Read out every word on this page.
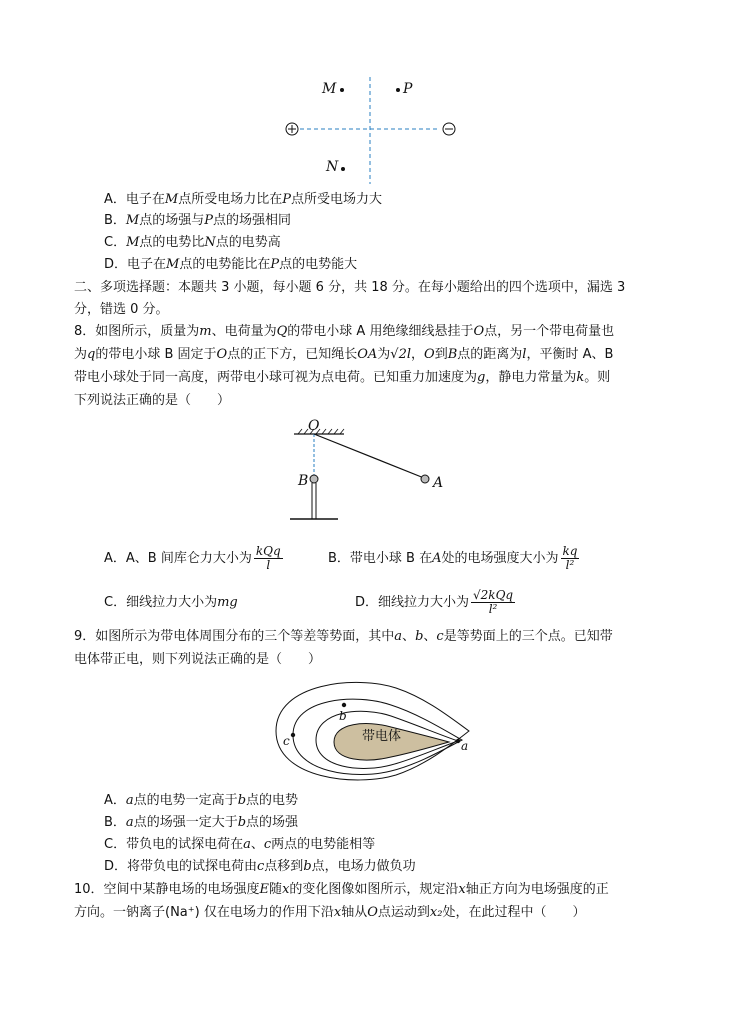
M	P
N
A．电子在M点所受电场力比在P点所受电场力大
B．M点的场强与P点的场强相同
C．M点的电势比N点的电势高
D．电子在M点的电势能比在P点的电势能大
二、多项选择题：本题共 3 小题，每小题 6 分，共 18 分。在每小题给出的四个选项中，漏选 3
分，错选 0 分。
8．如图所示，质量为m、电荷量为Q的带电小球 A 用绝缘细线悬挂于O点，另一个带电荷量也
为q的带电小球 B 固定于O点的正下方，已知绳长OA为√2l，O到B点的距离为l，平衡时 A、B
带电小球处于同一高度，两带电小球可视为点电荷。已知重力加速度为g，静电力常量为k。则
下列说法正确的是（　　）
O
B	A
A．A、B 间库仑力大小为 $\frac{\text{kQq}}{l}$	B．带电小球 B 在A处的电场强度大小为 $\frac{kq}{\text{l²}}$
C．细线拉力大小为mg	D．细线拉力大小为 $\frac{\text{√2kQq}}{\text{l²}}$
9．如图所示为带电体周围分布的三个等差等势面，其中a、b、c是等势面上的三个点。已知带
电体带正电，则下列说法正确的是（　　）
带电体
a
b
c
A．a点的电势一定高于b点的电势
B．a点的场强一定大于b点的场强
C．带负电的试探电荷在a、c两点的电势能相等
D．将带负电的试探电荷由c点移到b点，电场力做负功
10．空间中某静电场的电场强度E随x的变化图像如图所示，规定沿x轴正方向为电场强度的正
方向。一钠离子(Na⁺) 仅在电场力的作用下沿x轴从O点运动到x₂处，在此过程中（　　）
